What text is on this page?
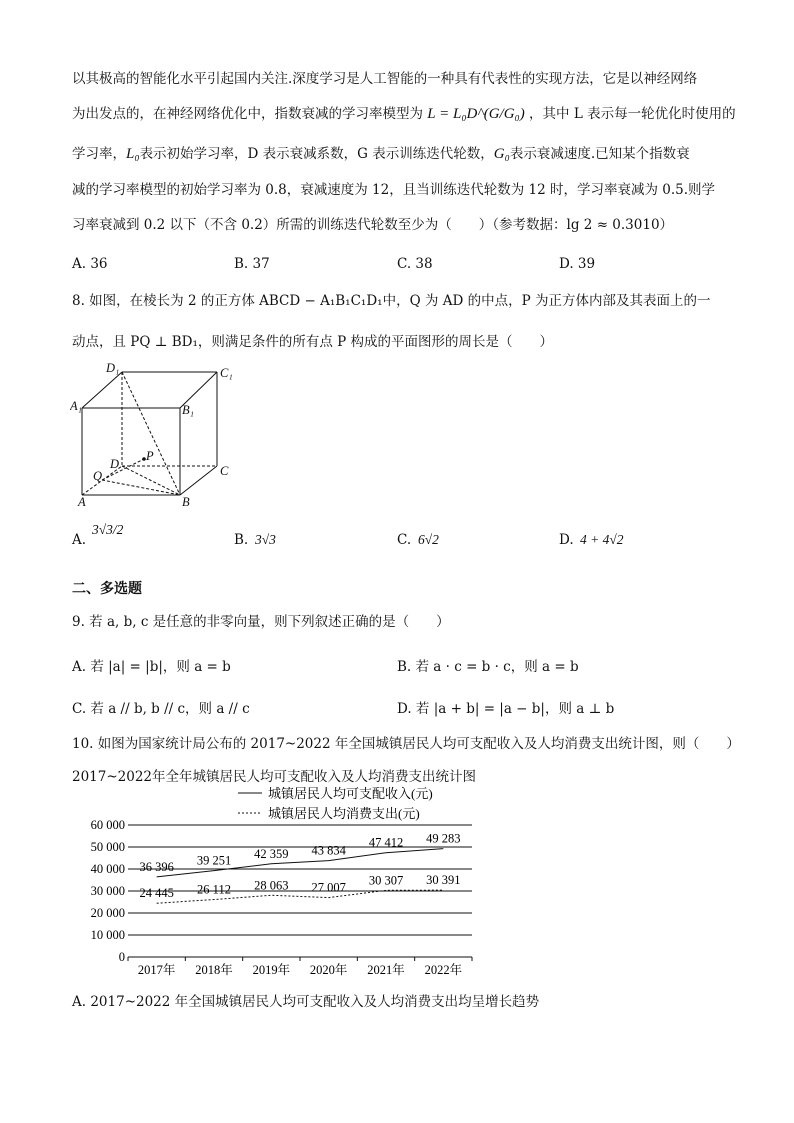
以其极高的智能化水平引起国内关注.深度学习是人工智能的一种具有代表性的实现方法，它是以神经网络
为出发点的，在神经网络优化中，指数衰减的学习率模型为 L = L₀D^(G/G₀) ，其中 L 表示每一轮优化时使用的
学习率，L₀表示初始学习率，D 表示衰减系数，G 表示训练迭代轮数，G₀表示衰减速度.已知某个指数衰
减的学习率模型的初始学习率为 0.8，衰减速度为 12，且当训练迭代轮数为 12 时，学习率衰减为 0.5.则学
习率衰减到 0.2 以下（不含 0.2）所需的训练迭代轮数至少为（　　）（参考数据：lg 2 ≈ 0.3010）
A. 36	B. 37	C. 38	D. 39
8. 如图，在棱长为 2 的正方体 ABCD − A₁B₁C₁D₁中，Q 为 AD 的中点，P 为正方体内部及其表面上的一
动点，且 PQ ⊥ BD₁，则满足条件的所有点 P 构成的平面图形的周长是（　　）
D₁	C₁
A₁	B₁
D
P
C
Q
A	B
A.
3√3/2
B. 3√3	C. 6√2	D. 4 + 4√2
二、多选题
9. 若 a, b, c 是任意的非零向量，则下列叙述正确的是（　　）
A. 若 |a| = |b|，则 a = b	B. 若 a · c = b · c，则 a = b
C. 若 a // b, b // c，则 a // c	D. 若 |a + b| = |a − b|，则 a ⊥ b
10. 如图为国家统计局公布的 2017~2022 年全国城镇居民人均可支配收入及人均消费支出统计图，则（　　）
2017~2022年全年城镇居民人均可支配收入及人均消费支出统计图
城镇居民人均可支配收入(元)
城镇居民人均消费支出(元)
0
10 000
20 000
30 000
40 000
50 000
60 000
2017年 2018年 2019年 2020年 2021年 2022年
36 396 39 251 42 359 43 834
47 412 49 283
24 445 26 112 28 063 27 007
30 307 30 391
A. 2017~2022 年全国城镇居民人均可支配收入及人均消费支出均呈增长趋势
